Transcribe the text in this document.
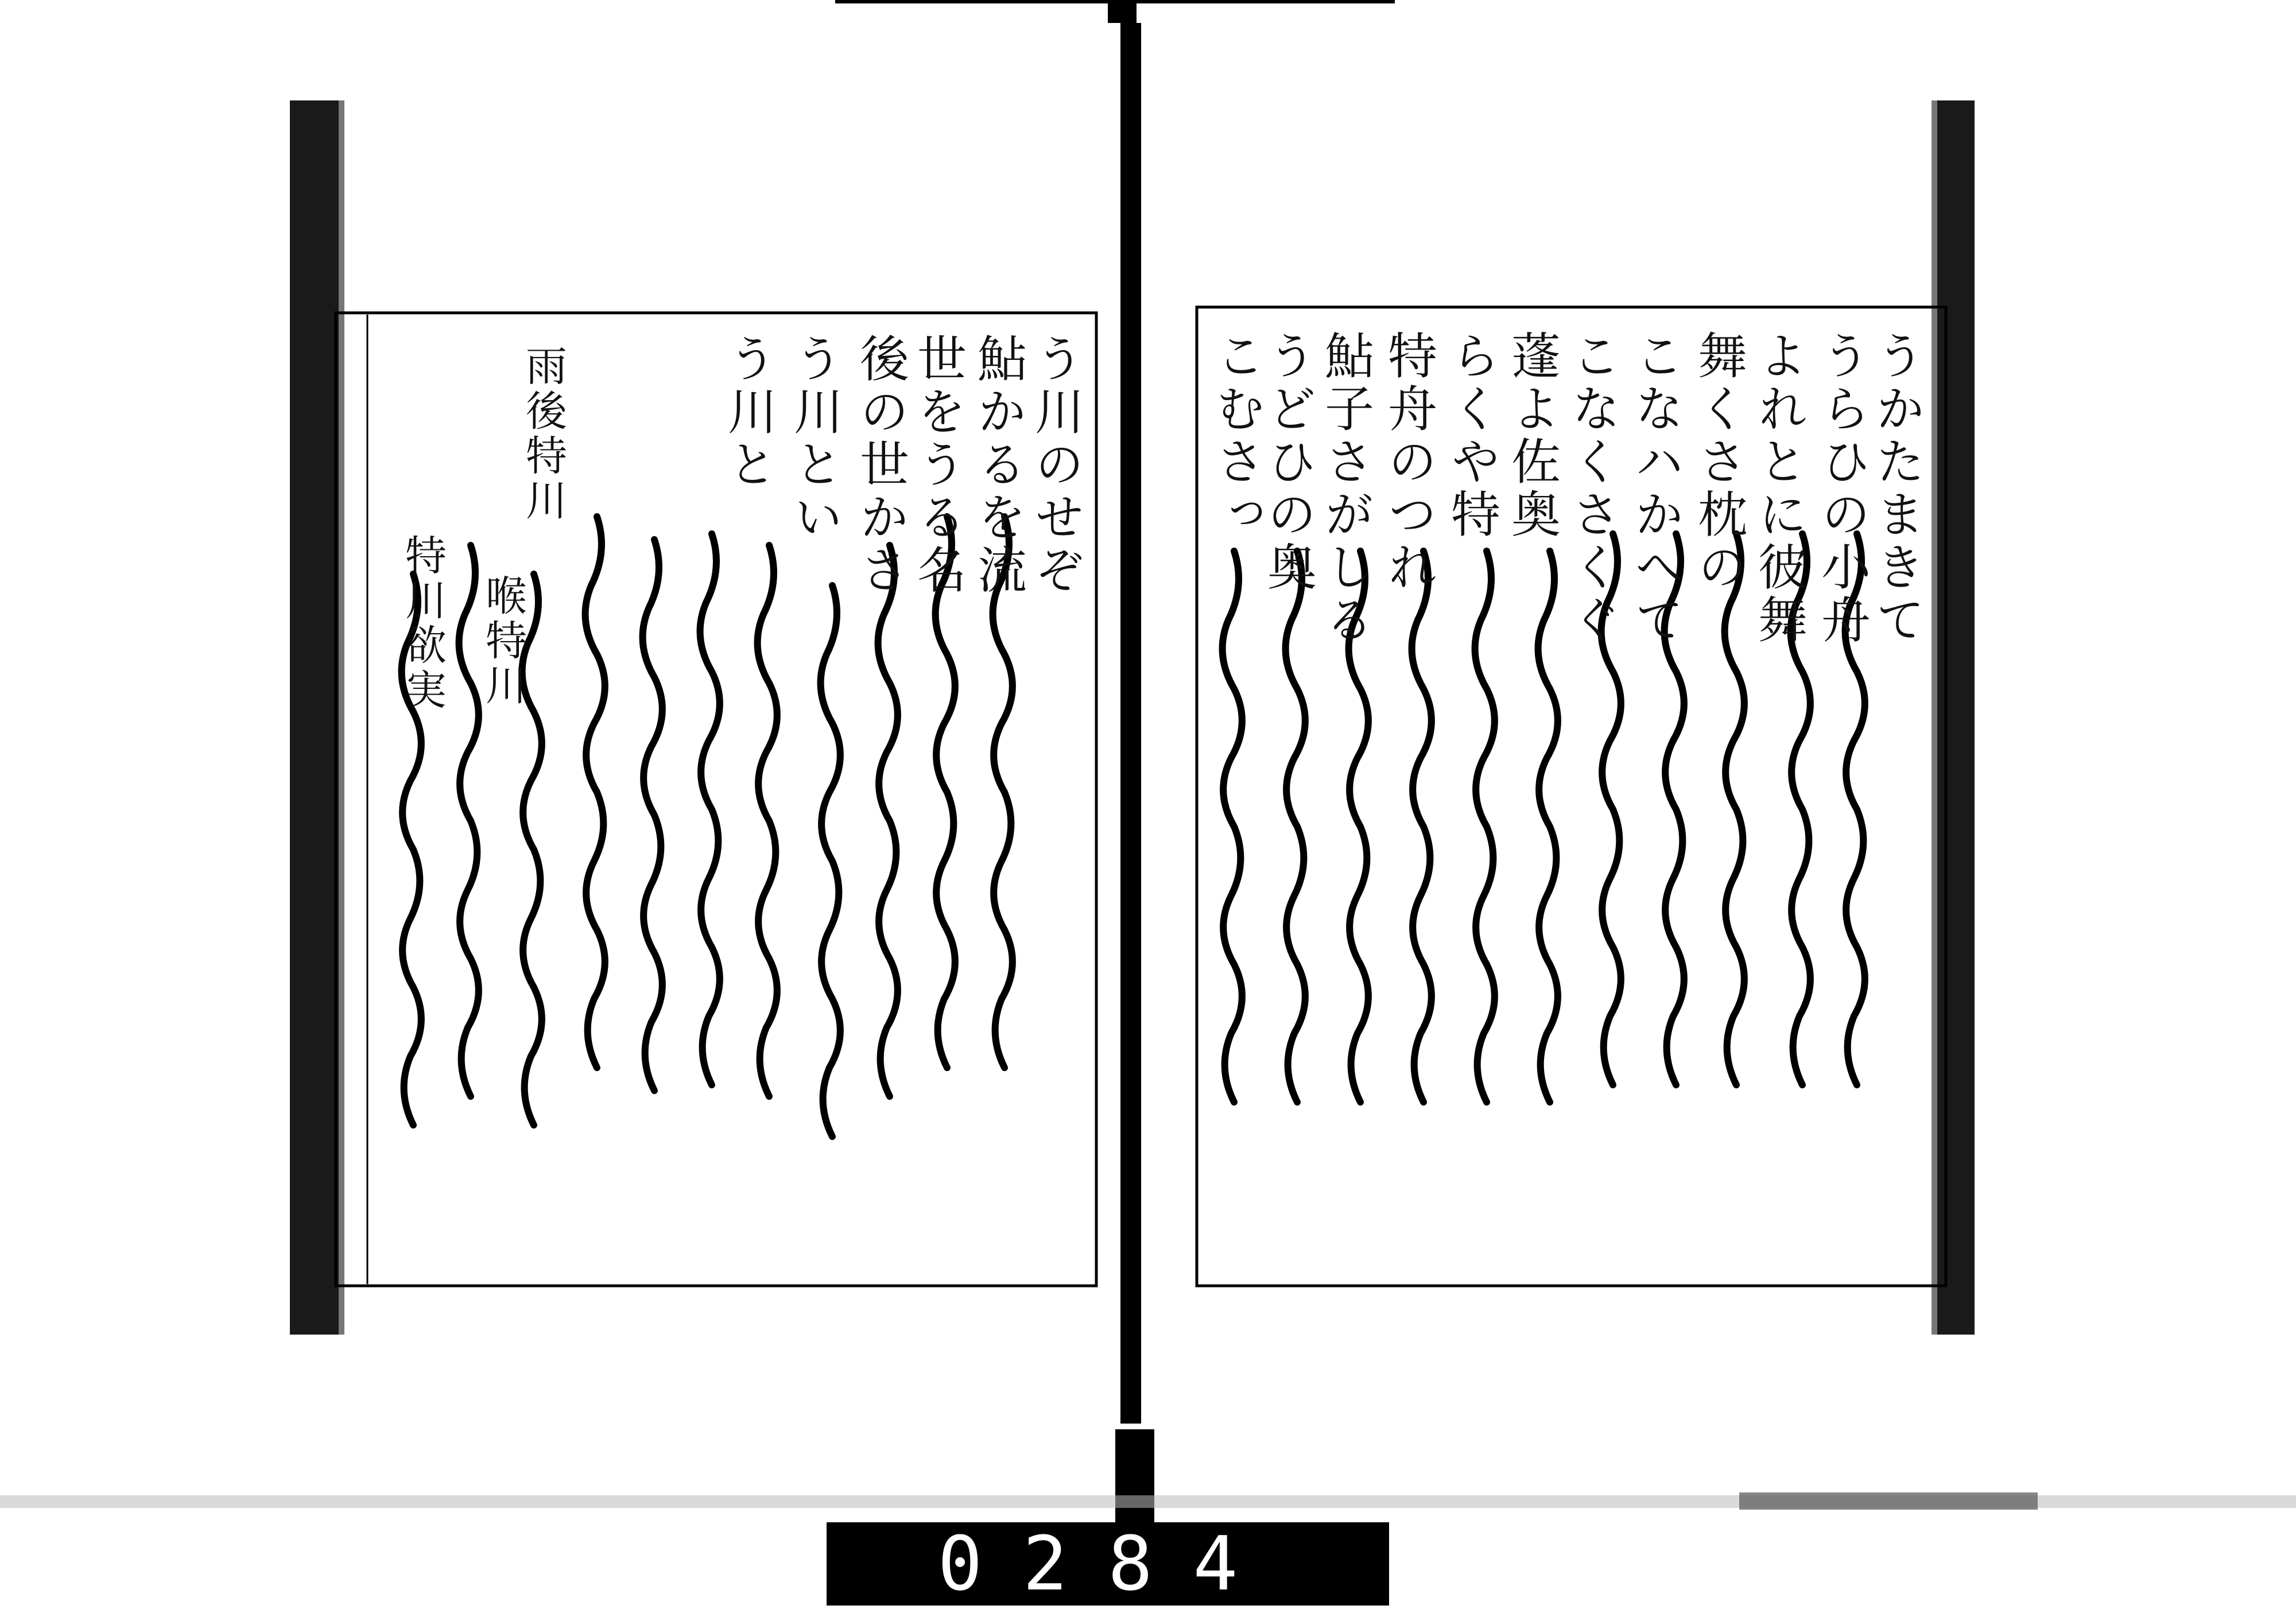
うかたまきて
うらひの小舟
よれとに彼舞
舞くさ枕の
こなハかへて
こなくさくぐ
蓬よ佐奥
らくや特
特舟のつれ
鮎子さがしる
うどひの奥
こむさっ
う川のせぞ
鮎かるを流
世をうる名
後の世かさ
う川とい
う川と
喉特川
雨後特川
特川欲実
0284
